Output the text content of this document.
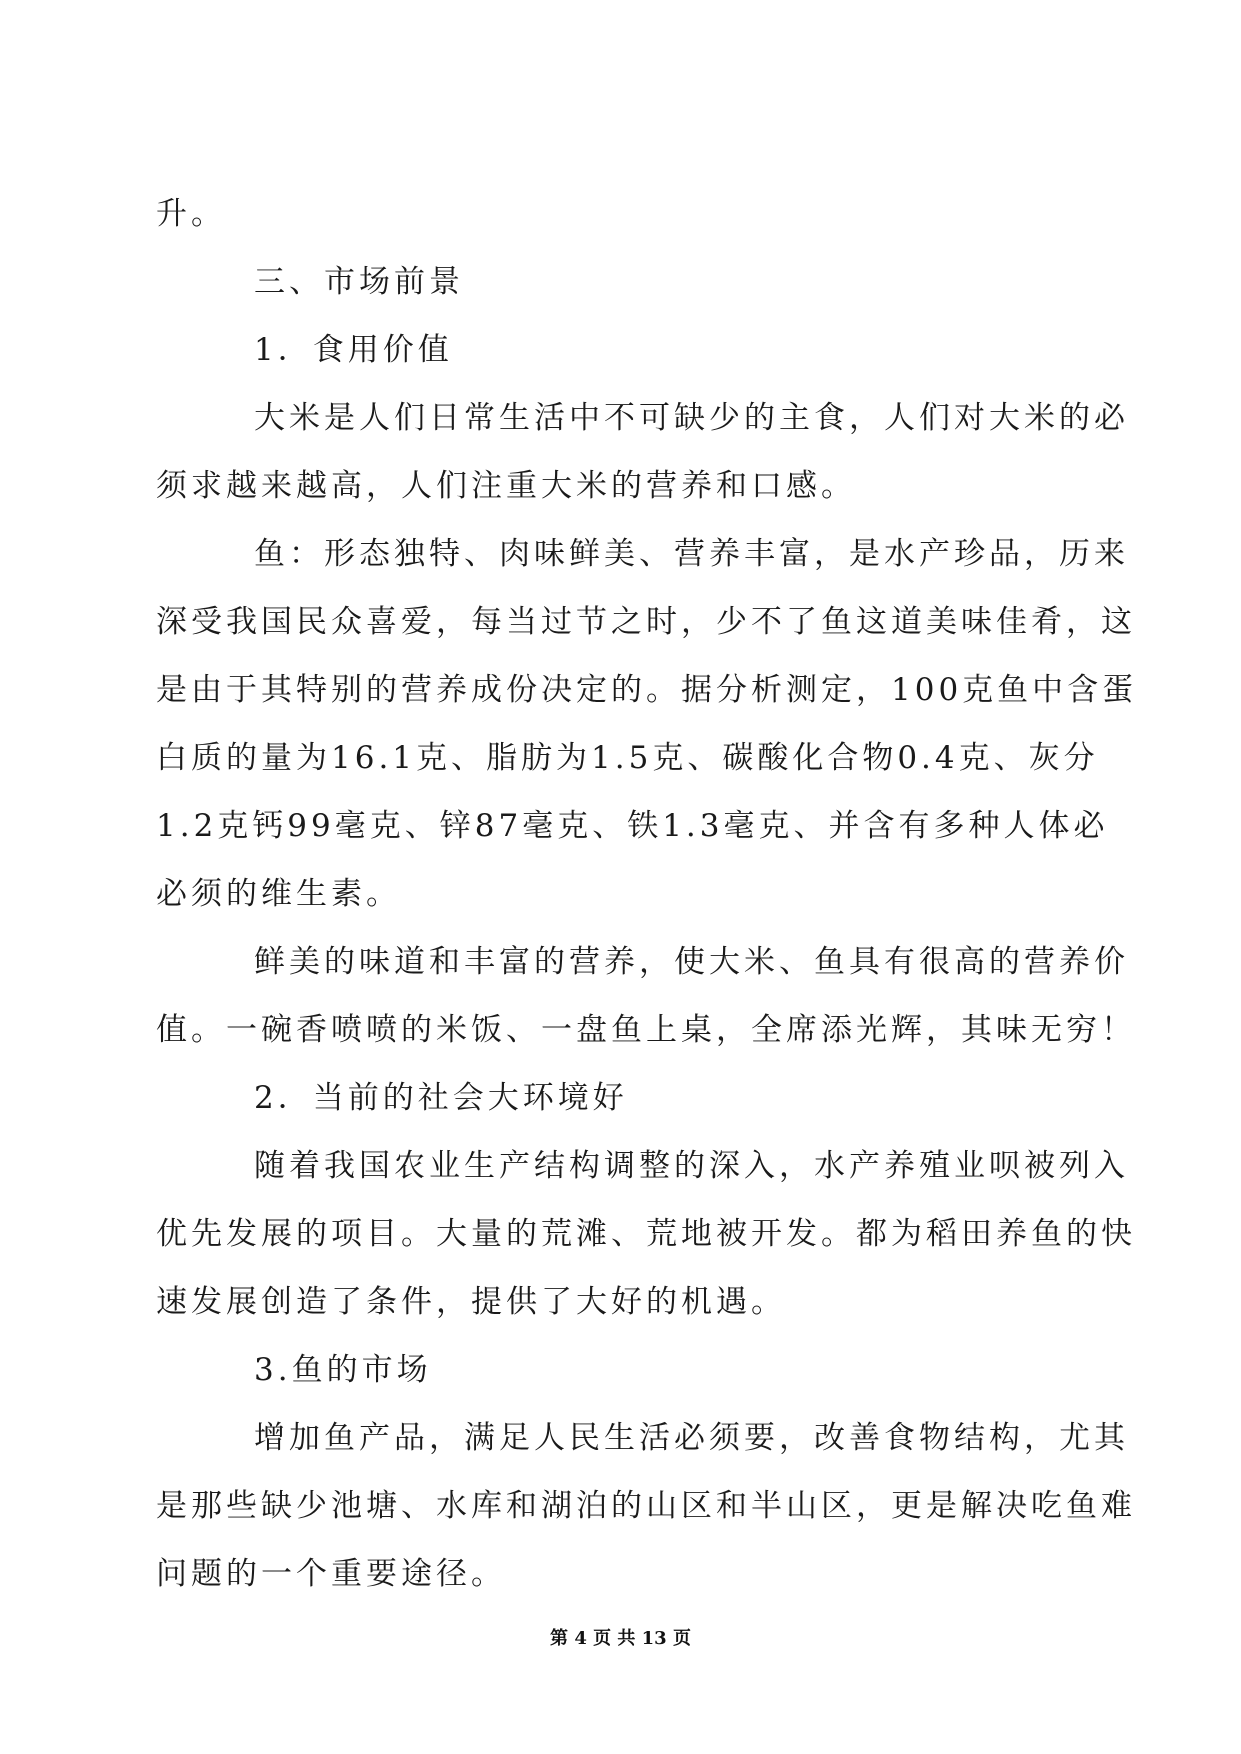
升。
三、市场前景
1．食用价值
大米是人们日常生活中不可缺少的主食，人们对大米的必
须求越来越高，人们注重大米的营养和口感。
鱼：形态独特、肉味鲜美、营养丰富，是水产珍品，历来
深受我国民众喜爱，每当过节之时，少不了鱼这道美味佳肴，这
是由于其特别的营养成份决定的。据分析测定，100克鱼中含蛋
白质的量为16.1克、脂肪为1.5克、碳酸化合物0.4克、灰分
1.2克钙99毫克、锌87毫克、铁1.3毫克、并含有多种人体必
必须的维生素。
鲜美的味道和丰富的营养，使大米、鱼具有很高的营养价
值。一碗香喷喷的米饭、一盘鱼上桌，全席添光辉，其味无穷！
2．当前的社会大环境好
随着我国农业生产结构调整的深入，水产养殖业呗被列入
优先发展的项目。大量的荒滩、荒地被开发。都为稻田养鱼的快
速发展创造了条件，提供了大好的机遇。
3.鱼的市场
增加鱼产品，满足人民生活必须要，改善食物结构，尤其
是那些缺少池塘、水库和湖泊的山区和半山区，更是解决吃鱼难
问题的一个重要途径。
第 4 页 共 13 页
